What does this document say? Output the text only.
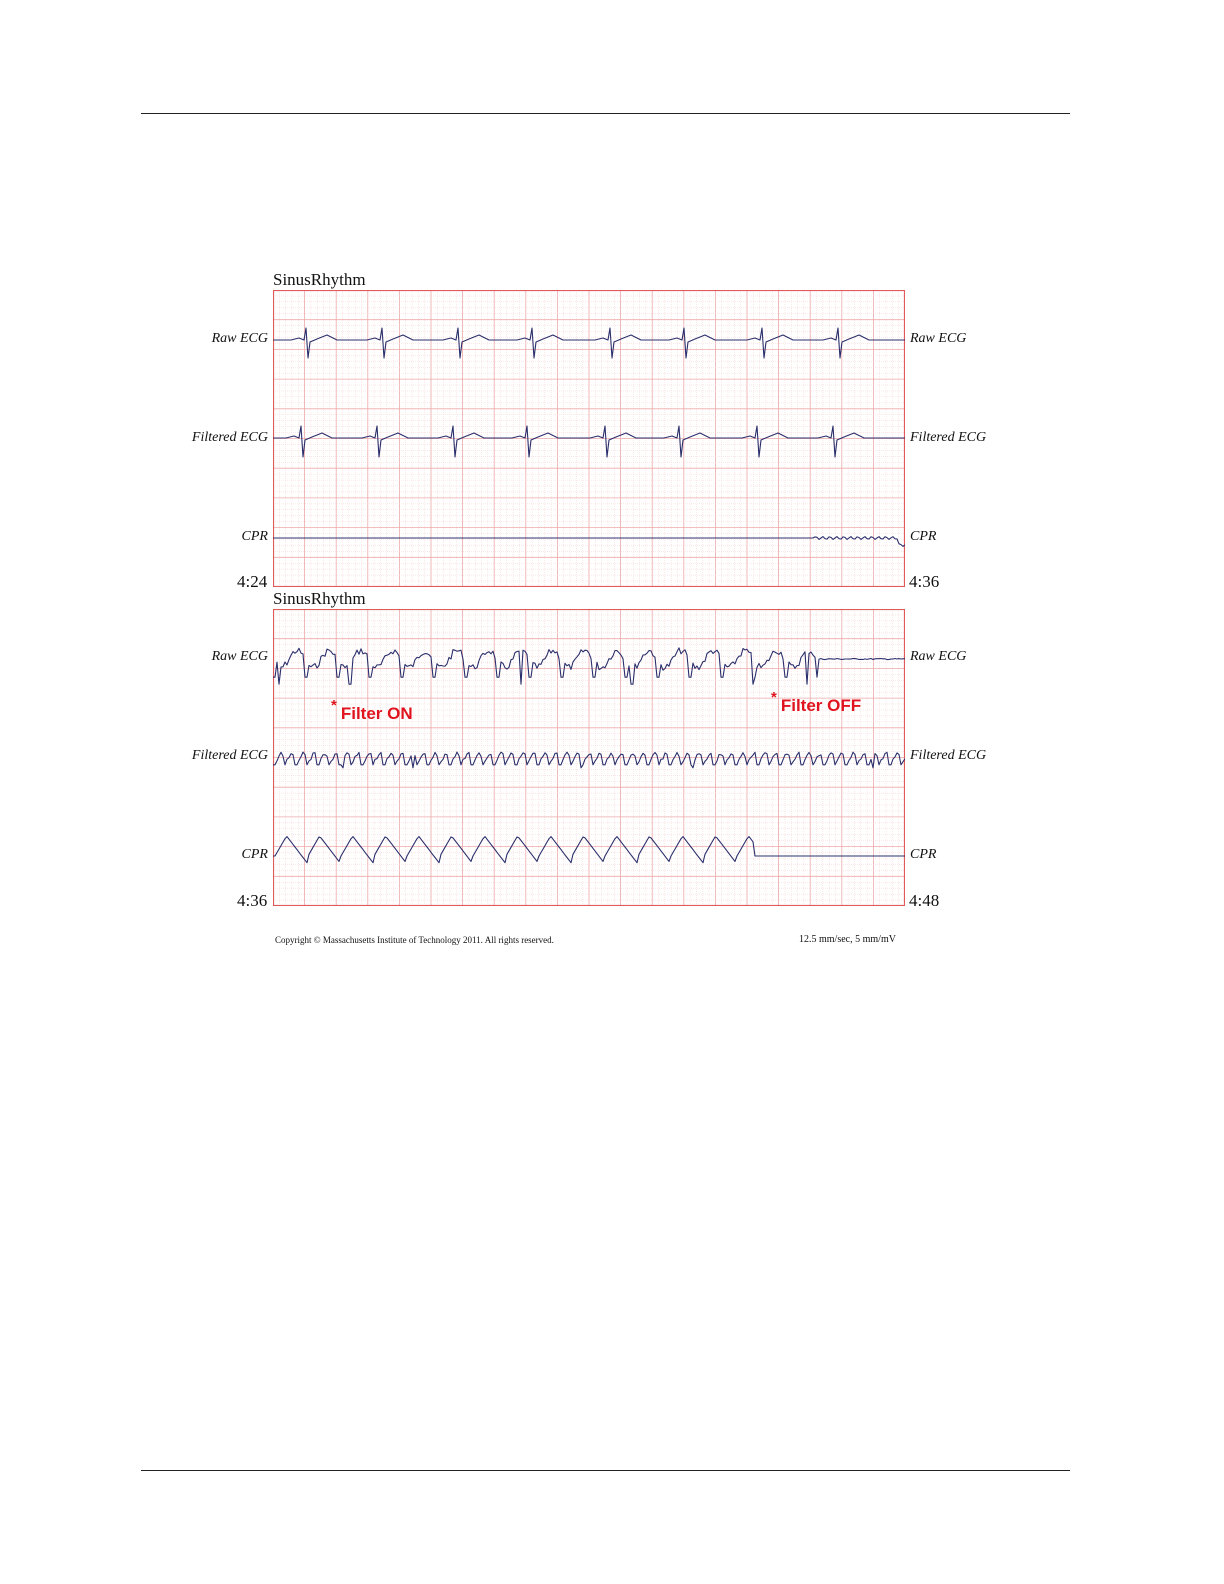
SinusRhythm
Raw ECG
Filtered ECG
CPR
Raw ECG
Filtered ECG
CPR
4:24	4:36
SinusRhythm
Raw ECG
Filtered ECG
CPR
Raw ECG
Filtered ECG
CPR
4:36	4:48
* Filter ON
* Filter OFF
Copyright © Massachusetts Institute of Technology 2011. All rights reserved.	12.5 mm/sec, 5 mm/mV
